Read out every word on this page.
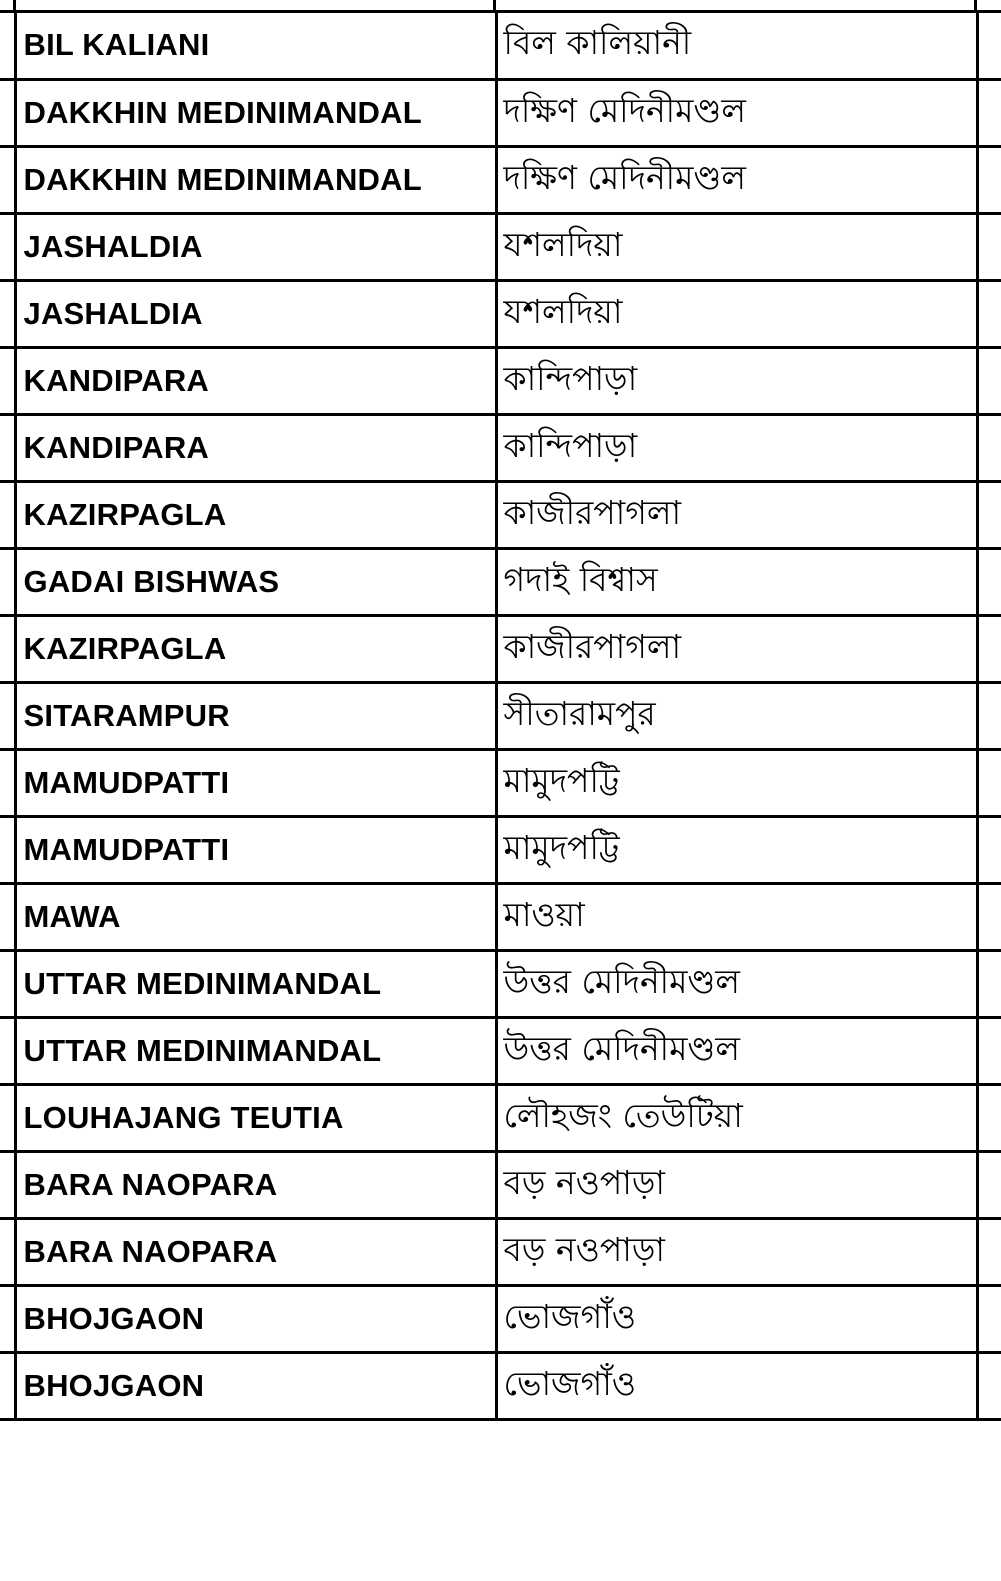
	BIL KALIANI	বিল কালিয়ানী	
	DAKKHIN MEDINIMANDAL	দক্ষিণ মেদিনীমণ্ডল	
	DAKKHIN MEDINIMANDAL	দক্ষিণ মেদিনীমণ্ডল	
	JASHALDIA	যশলদিয়া	
	JASHALDIA	যশলদিয়া	
	KANDIPARA	কান্দিপাড়া	
	KANDIPARA	কান্দিপাড়া	
	KAZIRPAGLA	কাজীরপাগলা	
	GADAI BISHWAS	গদাই বিশ্বাস	
	KAZIRPAGLA	কাজীরপাগলা	
	SITARAMPUR	সীতারামপুর	
	MAMUDPATTI	মামুদপট্টি	
	MAMUDPATTI	মামুদপট্টি	
	MAWA	মাওয়া	
	UTTAR MEDINIMANDAL	উত্তর মেদিনীমণ্ডল	
	UTTAR MEDINIMANDAL	উত্তর মেদিনীমণ্ডল	
	LOUHAJANG TEUTIA	লৌহজং তেউটিয়া	
	BARA NAOPARA	বড় নওপাড়া	
	BARA NAOPARA	বড় নওপাড়া	
	BHOJGAON	ভোজগাঁও	
	BHOJGAON	ভোজগাঁও	
